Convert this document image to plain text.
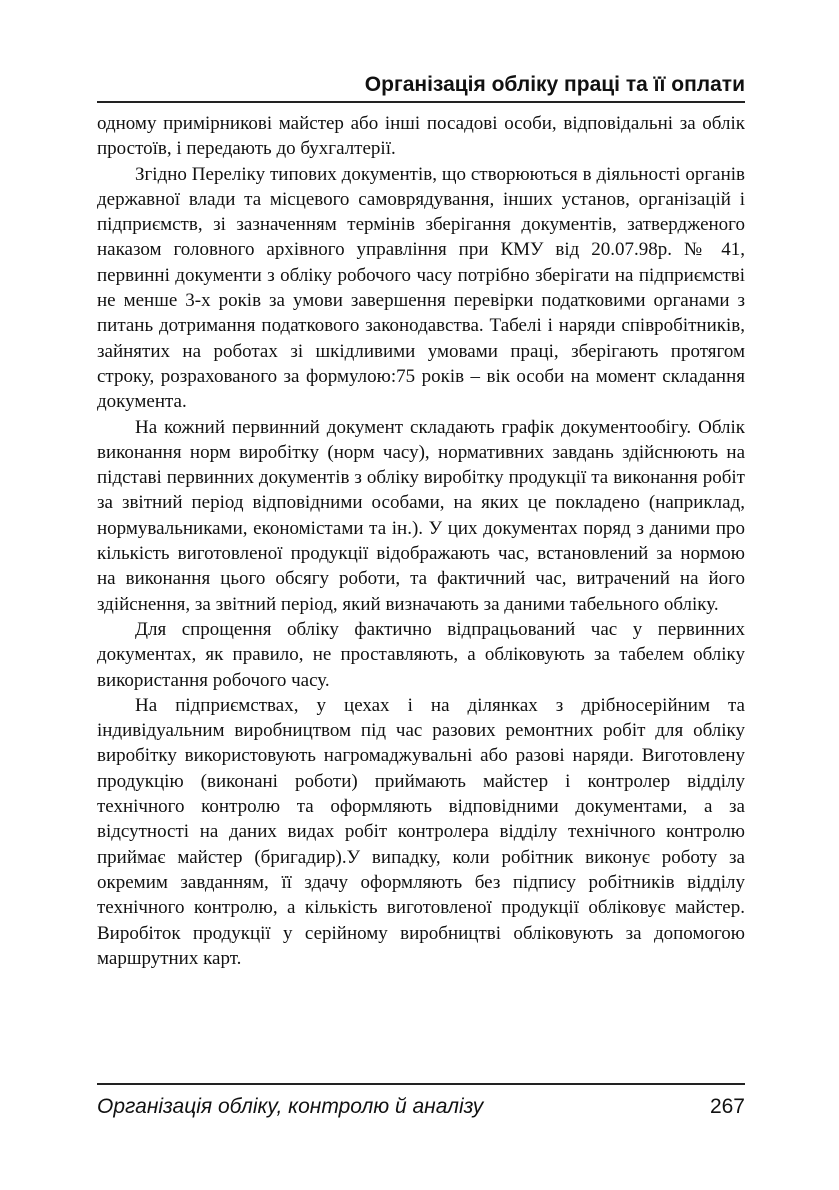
Організація обліку праці та її оплати

одному примірникові майстер або інші посадові особи, відповідальні за облік простоїв, і передають до бухгалтерії.

Згідно Переліку типових документів, що створюються в діяльності органів державної влади та місцевого самоврядування, інших установ, організацій і підприємств, зі зазначенням термінів зберігання документів, затвердженого наказом головного архівного управління при КМУ від 20.07.98р. № 41, первинні документи з обліку робочого часу потрібно зберігати на підприємстві не менше 3-х років за умови завершення перевірки податковими органами з питань дотримання податкового законодавства. Табелі і наряди співробітників, зайнятих на роботах зі шкідливими умовами праці, зберігають протягом строку, розрахованого за формулою:75 років – вік особи на момент складання документа.

На кожний первинний документ складають графік документообігу. Облік виконання норм виробітку (норм часу), нормативних завдань здійснюють на підставі первинних документів з обліку виробітку продукції та виконання робіт за звітний період відповідними особами, на яких це покладено (наприклад, нормувальниками, економістами та ін.). У цих документах поряд з даними про кількість виготовленої продукції відображають час, встановлений за нормою на виконання цього обсягу роботи, та фактичний час, витрачений на його здійснення, за звітний період, який визначають за даними табельного обліку.

Для спрощення обліку фактично відпрацьований час у первинних документах, як правило, не проставляють, а обліковують за табелем обліку використання робочого часу.

На підприємствах, у цехах і на ділянках з дрібносерійним та індивідуальним виробництвом під час разових ремонтних робіт для обліку виробітку використовують нагромаджувальні або разові наряди. Виготовлену продукцію (виконані роботи) приймають майстер і контролер відділу технічного контролю та оформляють відповідними документами, а за відсутності на даних видах робіт контролера відділу технічного контролю приймає майстер (бригадир).У випадку, коли робітник виконує роботу за окремим завданням, її здачу оформляють без підпису робітників відділу технічного контролю, а кількість виготовленої продукції обліковує майстер. Виробіток продукції у серійному виробництві обліковують за допомогою маршрутних карт.

Організація обліку, контролю й аналізу	267
